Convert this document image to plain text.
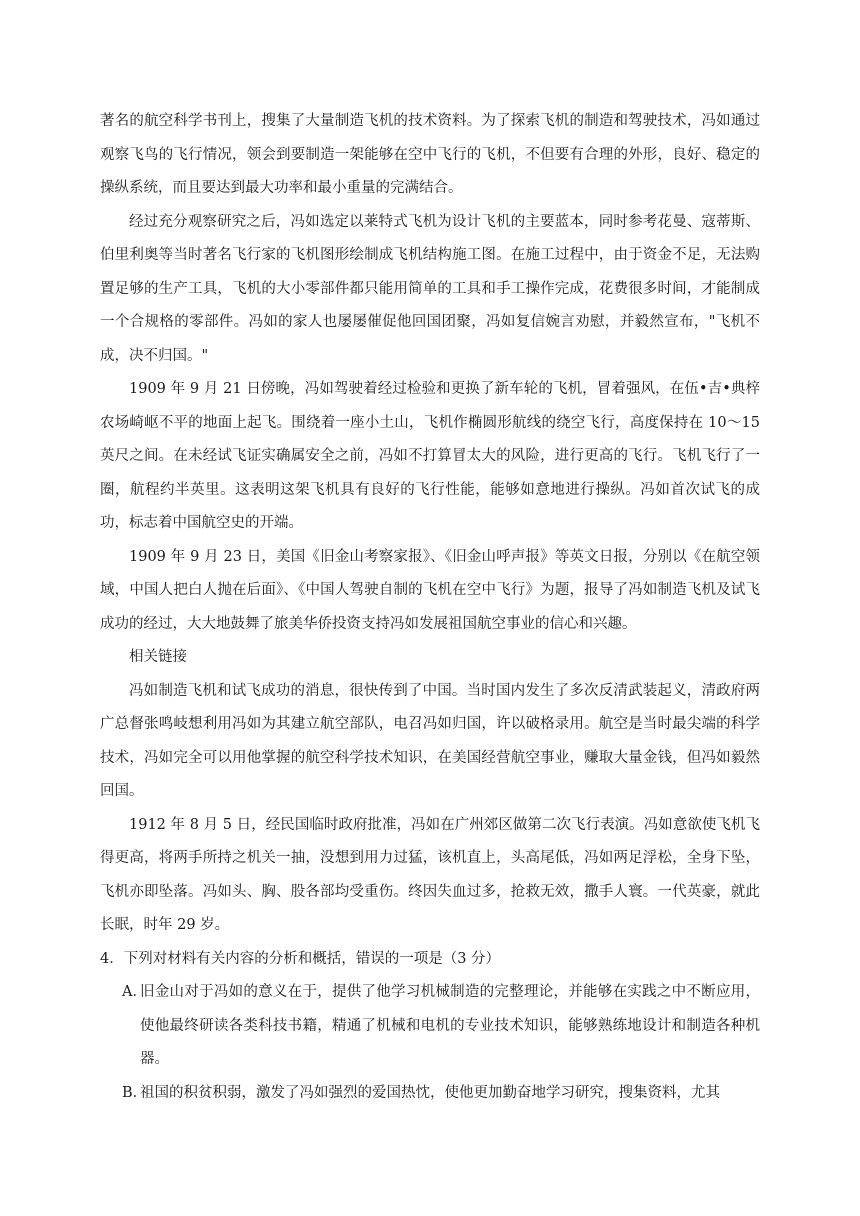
著名的航空科学书刊上，搜集了大量制造飞机的技术资料。为了探索飞机的制造和驾驶技术，冯如通过观察飞鸟的飞行情况，领会到要制造一架能够在空中飞行的飞机，不但要有合理的外形，良好、稳定的操纵系统，而且要达到最大功率和最小重量的完满结合。

经过充分观察研究之后，冯如选定以莱特式飞机为设计飞机的主要蓝本，同时参考花曼、寇蒂斯、伯里利奥等当时著名飞行家的飞机图形绘制成飞机结构施工图。在施工过程中，由于资金不足，无法购置足够的生产工具，飞机的大小零部件都只能用简单的工具和手工操作完成，花费很多时间，才能制成一个合规格的零部件。冯如的家人也屡屡催促他回国团聚，冯如复信婉言劝慰，并毅然宣布，"飞机不成，决不归国。"

1909 年 9 月 21 日傍晚，冯如驾驶着经过检验和更换了新车轮的飞机，冒着强风，在伍•吉•典梓农场崎岖不平的地面上起飞。围绕着一座小土山，飞机作椭圆形航线的绕空飞行，高度保持在 10～15 英尺之间。在未经试飞证实确属安全之前，冯如不打算冒太大的风险，进行更高的飞行。飞机飞行了一圈，航程约半英里。这表明这架飞机具有良好的飞行性能，能够如意地进行操纵。冯如首次试飞的成功，标志着中国航空史的开端。

1909 年 9 月 23 日，美国《旧金山考察家报》、《旧金山呼声报》等英文日报，分别以《在航空领域，中国人把白人抛在后面》、《中国人驾驶自制的飞机在空中飞行》为题，报导了冯如制造飞机及试飞成功的经过，大大地鼓舞了旅美华侨投资支持冯如发展祖国航空事业的信心和兴趣。

相关链接

冯如制造飞机和试飞成功的消息，很快传到了中国。当时国内发生了多次反清武装起义，清政府两广总督张鸣岐想利用冯如为其建立航空部队，电召冯如归国，许以破格录用。航空是当时最尖端的科学技术，冯如完全可以用他掌握的航空科学技术知识，在美国经营航空事业，赚取大量金钱，但冯如毅然回国。

1912 年 8 月 5 日，经民国临时政府批准，冯如在广州郊区做第二次飞行表演。冯如意欲使飞机飞得更高，将两手所持之机关一抽，没想到用力过猛，该机直上，头高尾低，冯如两足浮松，全身下坠，飞机亦即坠落。冯如头、胸、股各部均受重伤。终因失血过多，抢救无效，撒手人寰。一代英豪，就此长眠，时年 29 岁。

4．下列对材料有关内容的分析和概括，错误的一项是（3 分）

A．
旧金山对于冯如的意义在于，提供了他学习机械制造的完整理论，并能够在实践之中不断应用，使他最终研读各类科技书籍，精通了机械和电机的专业技术知识，能够熟练地设计和制造各种机器。
B．
祖国的积贫积弱，激发了冯如强烈的爱国热忱，使他更加勤奋地学习研究，搜集资料，尤其
